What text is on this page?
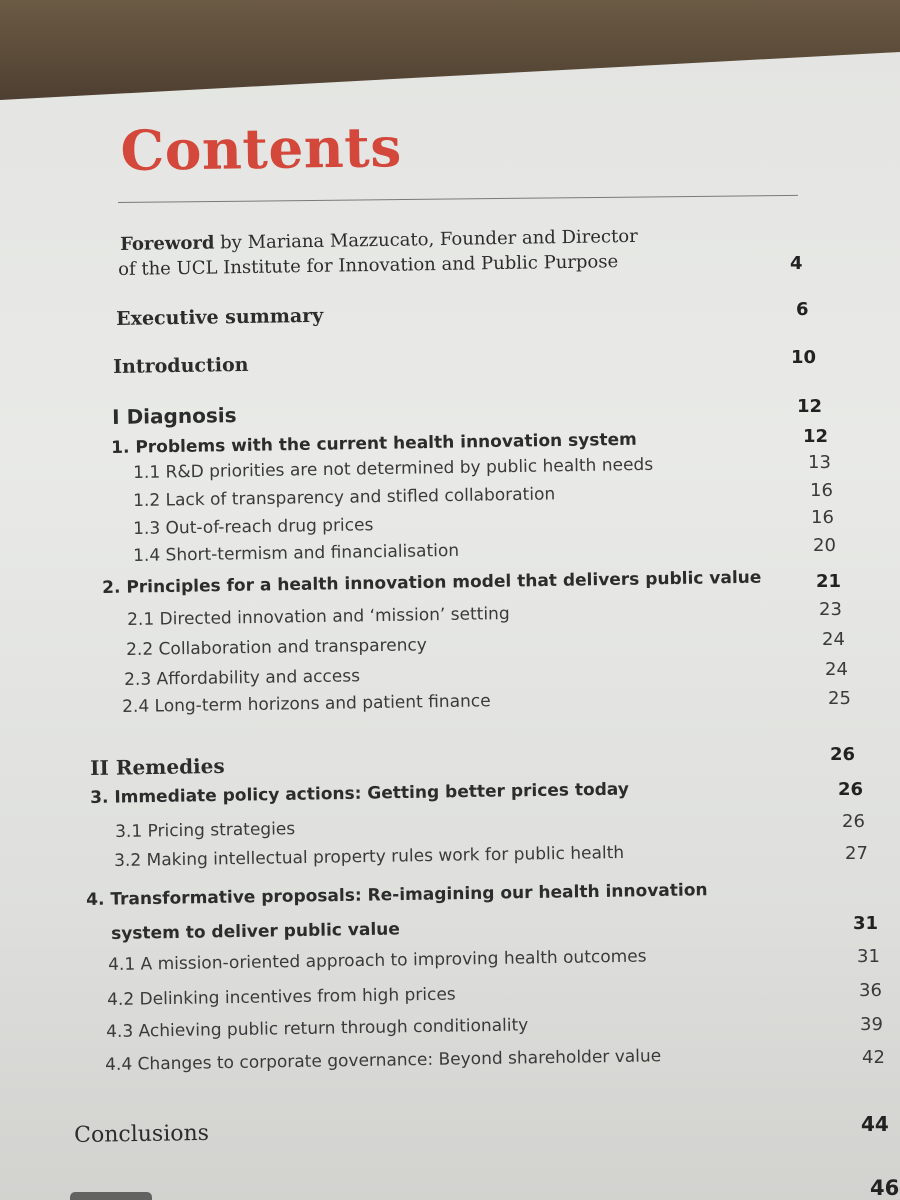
Contents
Foreword by Mariana Mazzucato, Founder and Director
of the UCL Institute for Innovation and Public Purpose	4
Executive summary	6
Introduction	10
I Diagnosis	12
1. Problems with the current health innovation system	12
1.1 R&D priorities are not determined by public health needs	13
1.2 Lack of transparency and stifled collaboration	16
1.3 Out-of-reach drug prices	16
1.4 Short-termism and financialisation	20
2. Principles for a health innovation model that delivers public value	21
2.1 Directed innovation and ‘mission’ setting	23
2.2 Collaboration and transparency	24
2.3 Affordability and access	24
2.4 Long-term horizons and patient finance	25
II Remedies	26
3. Immediate policy actions: Getting better prices today	26
3.1 Pricing strategies	26
3.2 Making intellectual property rules work for public health	27
4. Transformative proposals: Re-imagining our health innovation
system to deliver public value	31
4.1 A mission-oriented approach to improving health outcomes	31
4.2 Delinking incentives from high prices	36
4.3 Achieving public return through conditionality	39
4.4 Changes to corporate governance: Beyond shareholder value	42
Conclusions	44
46
